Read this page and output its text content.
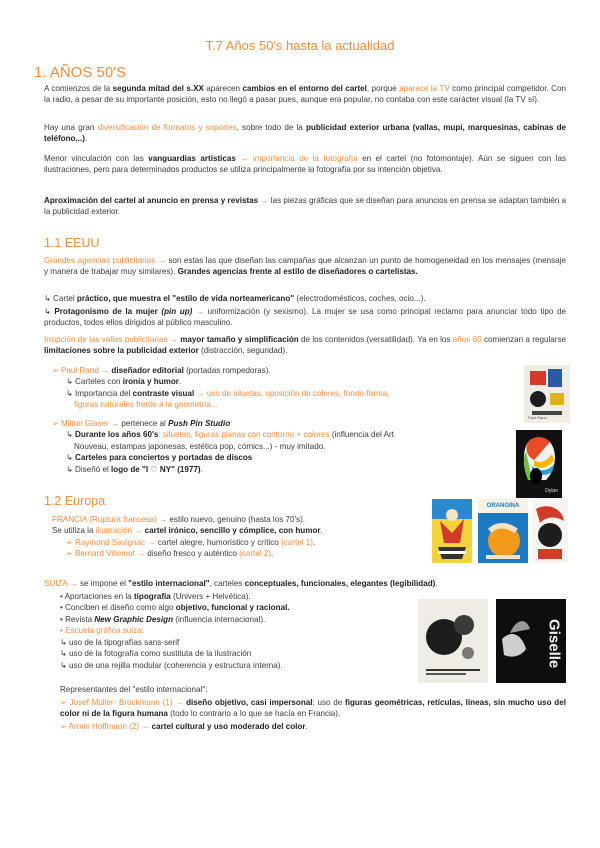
T.7 Años 50's hasta la actualidad
1. AÑOS 50'S
A comienzos de la segunda mitad del s.XX aparecen cambios en el entorno del cartel, porque aparece la TV como principal competidor. Con la radio, a pesar de su importante posición, esto no llegó a pasar pues, aunque era popular, no contaba con este carácter visual (la TV sí).
Hay una gran diversificación de formatos y soportes, sobre todo de la publicidad exterior urbana (vallas, mupi, marquesinas, cabinas de teléfono...).
Menor vinculación con las vanguardias artísticas → importancia de la fotografía en el cartel (no fotomontaje). Aún se siguen con las ilustraciones, pero para determinados productos se utiliza principalmente la fotografía por su intención objetiva.
Aproximación del cartel al anuncio en prensa y revistas → las piezas gráficas que se diseñan para anuncios en prensa se adaptan también a la publicidad exterior.
1.1 EEUU
Grandes agencias publicitarias → son estas las que diseñan las campañas que alcanzan un punto de homogeneidad en los mensajes (mensaje y manera de trabajar muy similares). Grandes agencias frente al estilo de diseñadores o cartelistas.
↳ Cartel práctico, que muestra el "estilo de vida norteamericano" (electrodomésticos, coches, ocio...).
↳ Protagonismo de la mujer (pin up) → uniformización (y sexismo). La mujer se usa como principal reclamo para anunciar todo tipo de productos, todos ellos dirigidos al público masculino.
Irrupción de las vallas publicitarias → mayor tamaño y simplificación de los contenidos (versatilidad). Ya en los años 60 comienzan a regularse limitaciones sobre la publicidad exterior (distracción, seguridad).
➢ Paul Rand → diseñador editorial (portadas rompedoras).
↳ Carteles con ironía y humor.
↳ Importancia del contraste visual → uso de siluetas, oposición de colores, fondo-forma,
figuras naturales frente a la geometría...
➢ Milton Glaser → pertenece al Push Pin Studio
↳ Durante los años 60's: siluetas, figuras planas con contorno + colores (influencia del Art
Nouveau, estampas japonesas, estética pop, cómics...) - muy imitado.
↳ Carteles para conciertos y portadas de discos
↳ Diseñó el logo de "I ♡ NY" (1977).
Paul Rand
Dylan
1.2 Europa
FRANCIA (Ruptura francesa) → estilo nuevo, genuino (hasta los 70's).
Se utiliza la ilustración → cartel irónico, sencillo y cómplice, con humor.
➢ Raymond Savignac → cartel alegre, humorístico y crítico (cartel 1).
➢ Bernard Villemot → diseño fresco y auténtico (cartel 2).
ORANGINA
SUIZA → se impone el "estilo internacional", carteles conceptuales, funcionales, elegantes (legibilidad).
• Aportaciones en la tipografía (Univers + Helvética).
• Conciben el diseño como algo objetivo, funcional y racional.
• Revista New Graphic Design (influencia internacional).
• Escuela gráfica suiza:
↳ uso de la tipografías sans-serif
↳ uso de la fotografía como sustituta de la ilustración
↳ uso de una rejilla modular (coherencia y estructura interna).	Giselle
Representantes del "estilo internacional":
➢ Josef Müller- Brockmann (1) → diseño objetivo, casi impersonal: uso de figuras geométricas, retículas, líneas, sin mucho uso del color ni de la figura humana (todo lo contrario a lo que se hacía en Francia).
➢ Armin Hoffmann (2) → cartel cultural y uso moderado del color.
